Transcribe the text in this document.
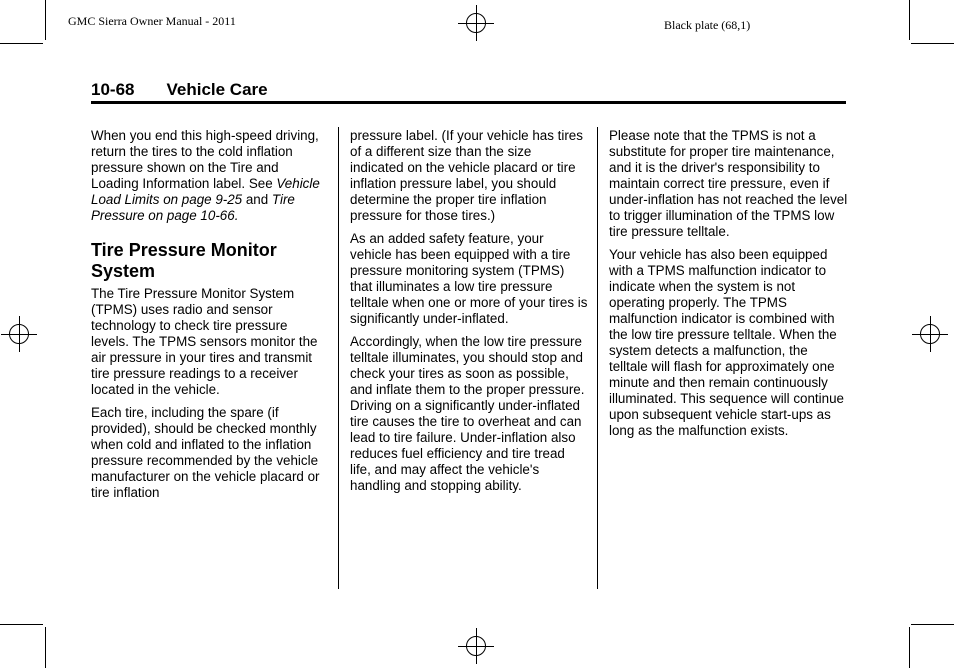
GMC Sierra Owner Manual - 2011	Black plate (68,1)
10-68 Vehicle Care

When you end this high-speed driving, return the tires to the cold inflation pressure shown on the Tire and Loading Information label. See Vehicle Load Limits on page 9-25 and Tire Pressure on page 10-66.

Tire Pressure Monitor System

The Tire Pressure Monitor System (TPMS) uses radio and sensor technology to check tire pressure levels. The TPMS sensors monitor the air pressure in your tires and transmit tire pressure readings to a receiver located in the vehicle.

Each tire, including the spare (if provided), should be checked monthly when cold and inflated to the inflation pressure recommended by the vehicle manufacturer on the vehicle placard or tire inflation

pressure label. (If your vehicle has tires of a different size than the size indicated on the vehicle placard or tire inflation pressure label, you should determine the proper tire inflation pressure for those tires.)

As an added safety feature, your vehicle has been equipped with a tire pressure monitoring system (TPMS) that illuminates a low tire pressure telltale when one or more of your tires is significantly under-inflated.

Accordingly, when the low tire pressure telltale illuminates, you should stop and check your tires as soon as possible, and inflate them to the proper pressure. Driving on a significantly under-inflated tire causes the tire to overheat and can lead to tire failure. Under-inflation also reduces fuel efficiency and tire tread life, and may affect the vehicle's handling and stopping ability.

Please note that the TPMS is not a substitute for proper tire maintenance, and it is the driver's responsibility to maintain correct tire pressure, even if under-inflation has not reached the level to trigger illumination of the TPMS low tire pressure telltale.

Your vehicle has also been equipped with a TPMS malfunction indicator to indicate when the system is not operating properly. The TPMS malfunction indicator is combined with the low tire pressure telltale. When the system detects a malfunction, the telltale will flash for approximately one minute and then remain continuously illuminated. This sequence will continue upon subsequent vehicle start-ups as long as the malfunction exists.
